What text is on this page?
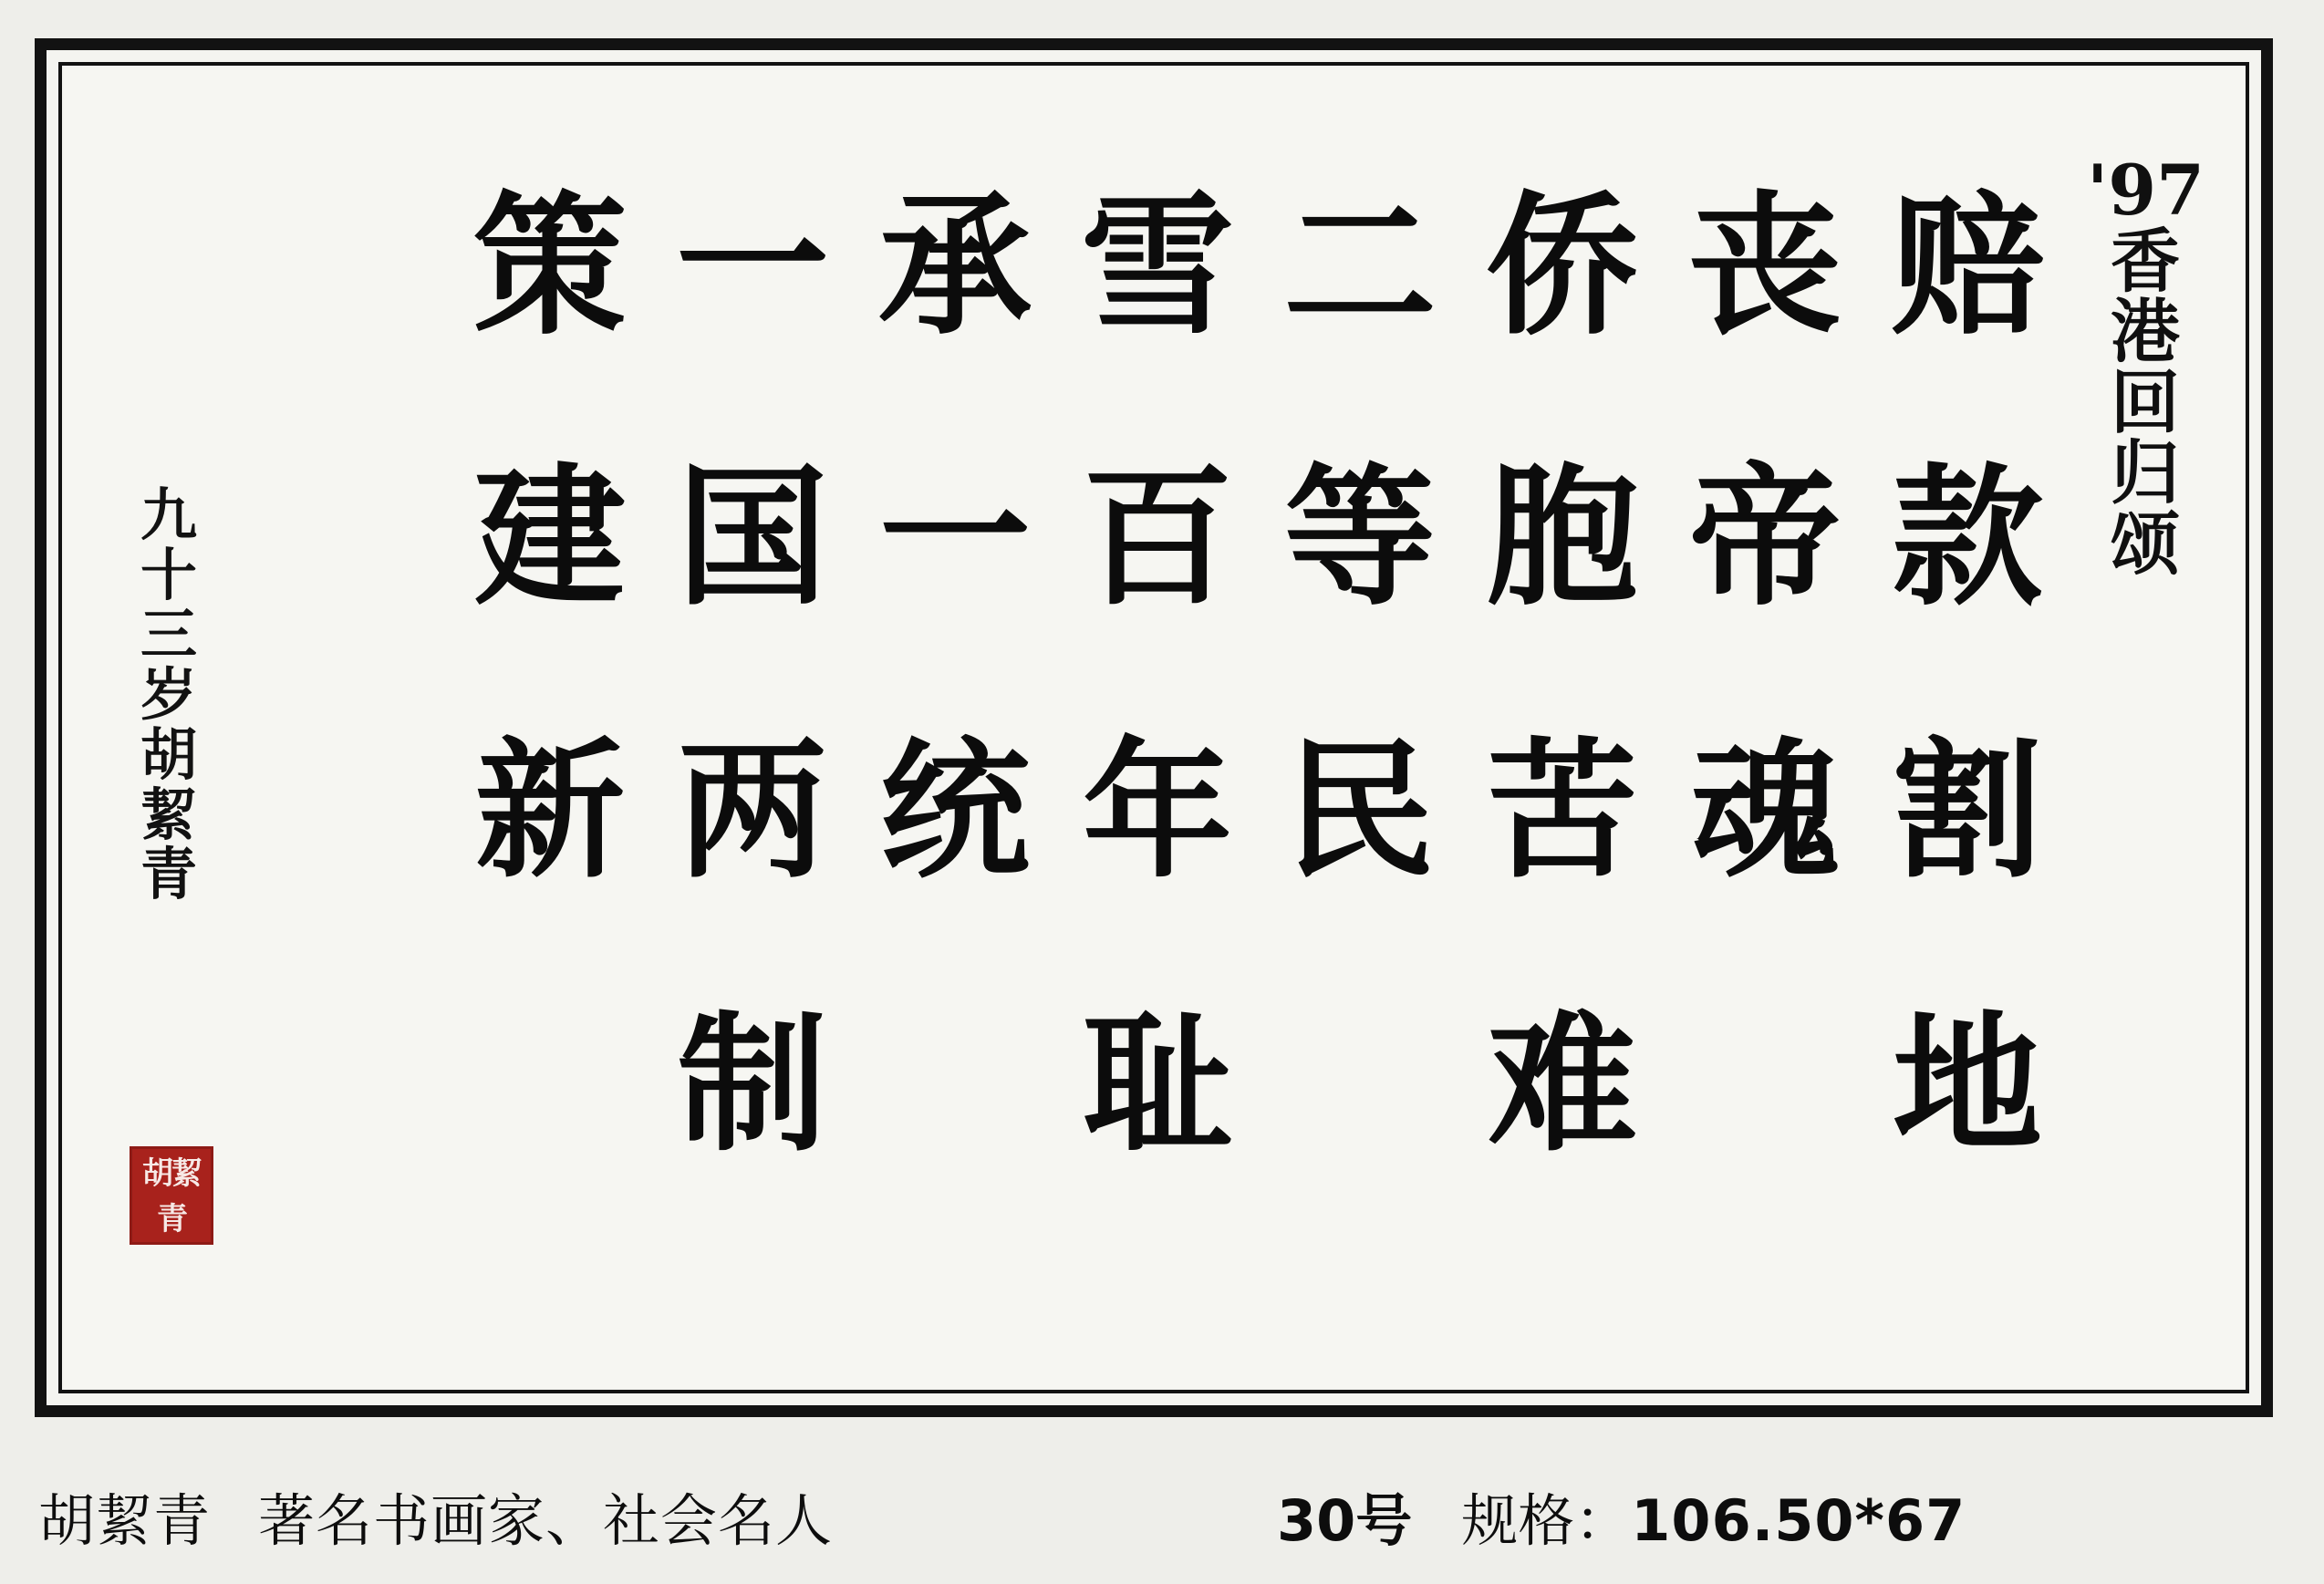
'97
香
港
回
归
颂
赔
丧
侨
二
雪
承
一
策
款
帝
胞
等
百
一
国
建
割
魂
苦
民
年
统
两
新
地
难
耻
制
九
十
三
岁
胡
絜
青
胡絜青
胡絜青 著名书画家、社会名人	30号 规格：106.50*67
